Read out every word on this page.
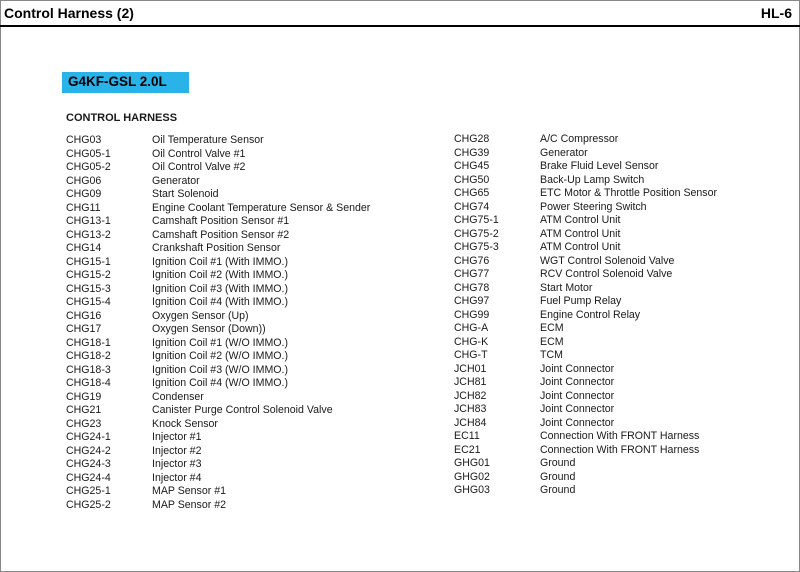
Control Harness (2)	HL-6
G4KF-GSL 2.0L
CONTROL HARNESS
CHG03	Oil Temperature Sensor
CHG05-1	Oil Control Valve #1
CHG05-2	Oil Control Valve #2
CHG06	Generator
CHG09	Start Solenoid
CHG11	Engine Coolant Temperature Sensor & Sender
CHG13-1	Camshaft Position Sensor #1
CHG13-2	Camshaft Position Sensor #2
CHG14	Crankshaft Position Sensor
CHG15-1	Ignition Coil #1 (With IMMO.)
CHG15-2	Ignition Coil #2 (With IMMO.)
CHG15-3	Ignition Coil #3 (With IMMO.)
CHG15-4	Ignition Coil #4 (With IMMO.)
CHG16	Oxygen Sensor (Up)
CHG17	Oxygen Sensor (Down))
CHG18-1	Ignition Coil #1 (W/O IMMO.)
CHG18-2	Ignition Coil #2 (W/O IMMO.)
CHG18-3	Ignition Coil #3 (W/O IMMO.)
CHG18-4	Ignition Coil #4 (W/O IMMO.)
CHG19	Condenser
CHG21	Canister Purge Control Solenoid Valve
CHG23	Knock Sensor
CHG24-1	Injector #1
CHG24-2	Injector #2
CHG24-3	Injector #3
CHG24-4	Injector #4
CHG25-1	MAP Sensor #1
CHG25-2	MAP Sensor #2
CHG28	A/C Compressor
CHG39	Generator
CHG45	Brake Fluid Level Sensor
CHG50	Back-Up Lamp Switch
CHG65	ETC Motor & Throttle Position Sensor
CHG74	Power Steering Switch
CHG75-1	ATM Control Unit
CHG75-2	ATM Control Unit
CHG75-3	ATM Control Unit
CHG76	WGT Control Solenoid Valve
CHG77	RCV Control Solenoid Valve
CHG78	Start Motor
CHG97	Fuel Pump Relay
CHG99	Engine Control Relay
CHG-A	ECM
CHG-K	ECM
CHG-T	TCM
JCH01	Joint Connector
JCH81	Joint Connector
JCH82	Joint Connector
JCH83	Joint Connector
JCH84	Joint Connector
EC11	Connection With FRONT Harness
EC21	Connection With FRONT Harness
GHG01	Ground
GHG02	Ground
GHG03	Ground
